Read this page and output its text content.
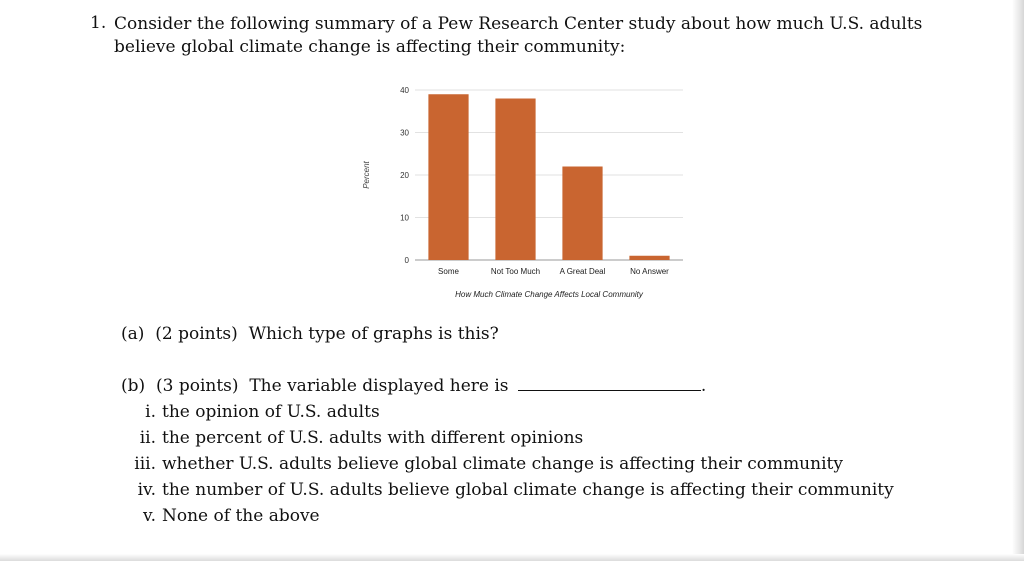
1. Consider the following summary of a Pew Research Center study about how much U.S. adults believe global climate change is affecting their community:
0
10
20
30
40
Some	Not Too Much A Great Deal	No Answer
How Much Climate Change Affects Local Community
Percent
(a) (2 points) Which type of graphs is this?
(b) (3 points) The variable displayed here is	.
i. the opinion of U.S. adults
ii. the percent of U.S. adults with different opinions
iii. whether U.S. adults believe global climate change is affecting their community
iv. the number of U.S. adults believe global climate change is affecting their community
v. None of the above
